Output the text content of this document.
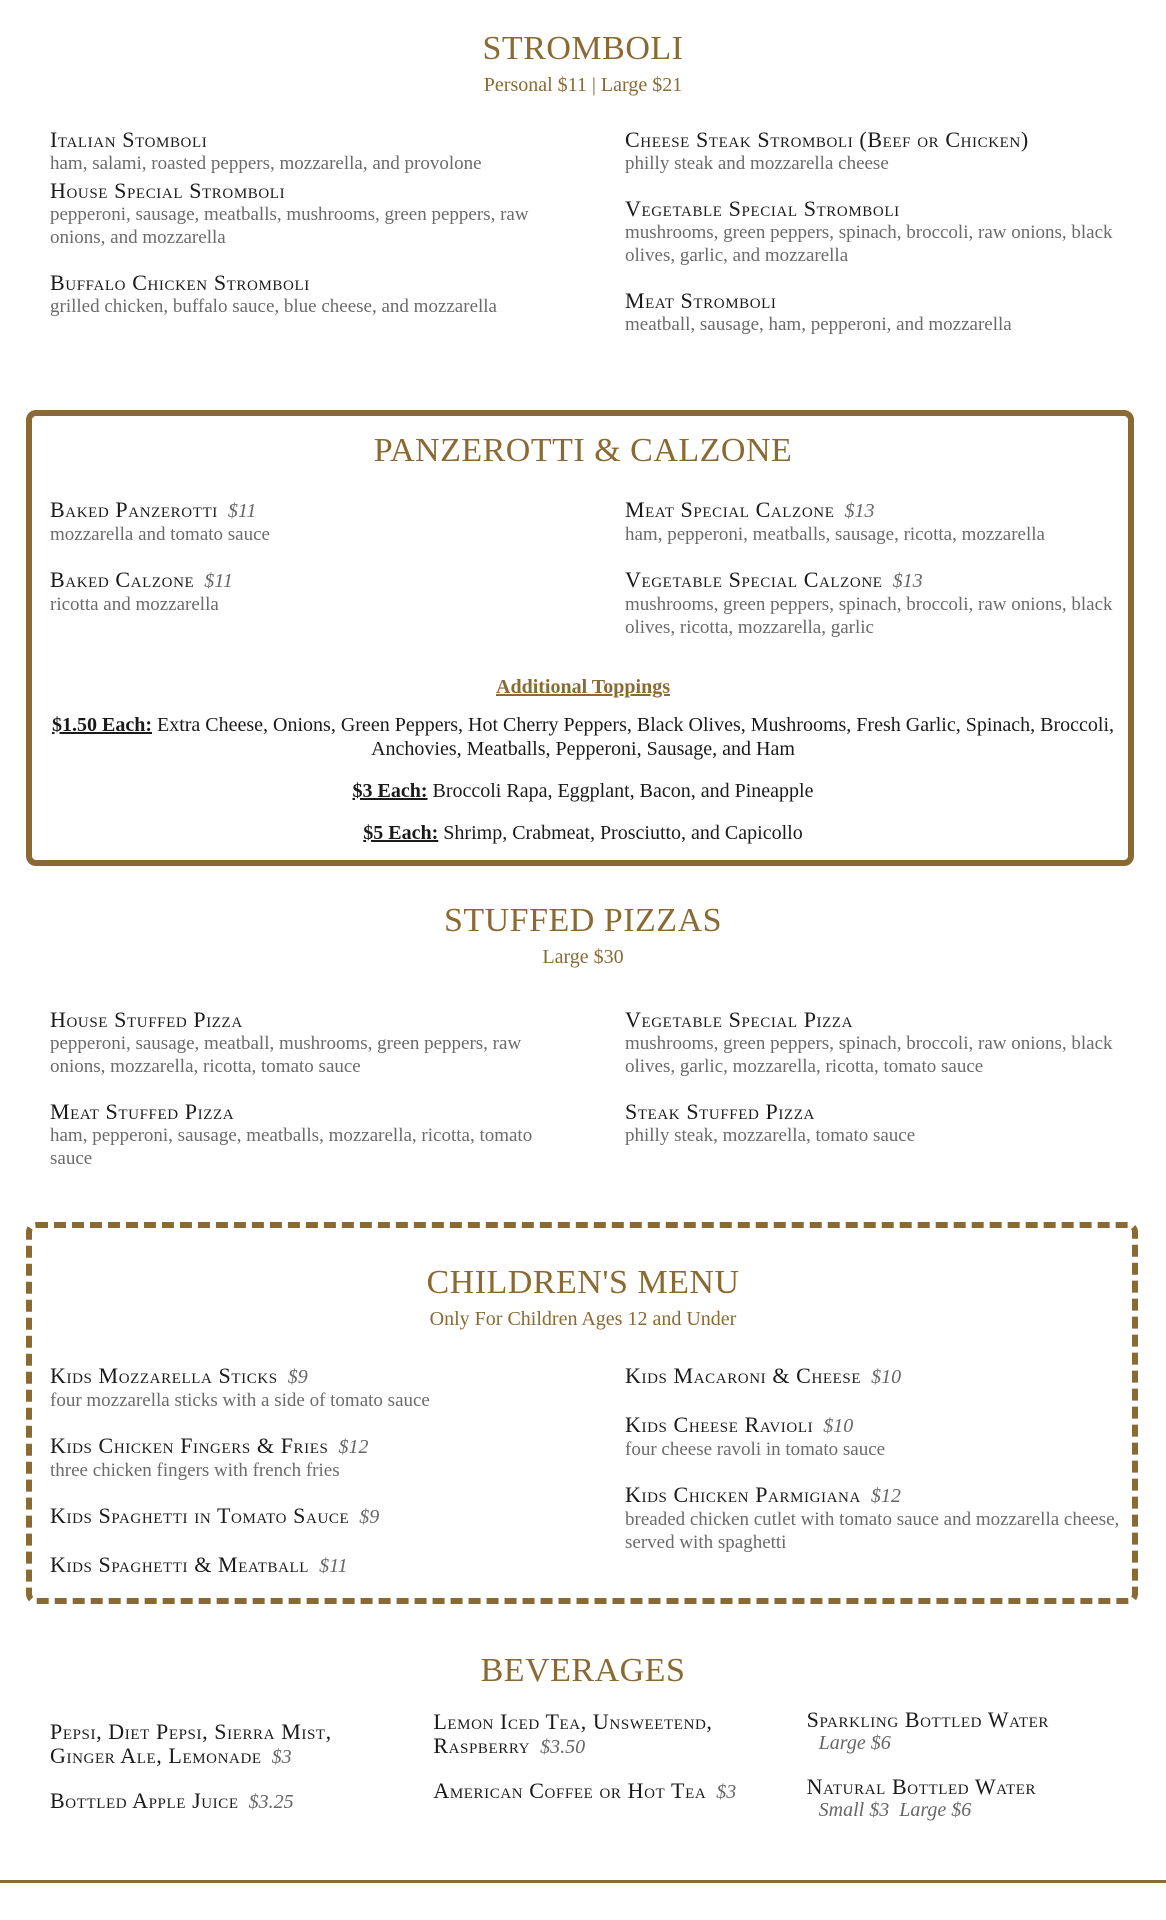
STROMBOLI
Personal $11 | Large $21
Italian Stomboli
ham, salami, roasted peppers, mozzarella, and provolone
House Special Stromboli
pepperoni, sausage, meatballs, mushrooms, green peppers, raw onions, and mozzarella
Buffalo Chicken Stromboli
grilled chicken, buffalo sauce, blue cheese, and mozzarella
Cheese Steak Stromboli (Beef or Chicken)
philly steak and mozzarella cheese
Vegetable Special Stromboli
mushrooms, green peppers, spinach, broccoli, raw onions, black olives, garlic, and mozzarella
Meat Stromboli
meatball, sausage, ham, pepperoni, and mozzarella
PANZEROTTI & CALZONE
Baked Panzerotti $11
mozzarella and tomato sauce
Baked Calzone $11
ricotta and mozzarella
Meat Special Calzone $13
ham, pepperoni, meatballs, sausage, ricotta, mozzarella
Vegetable Special Calzone $13
mushrooms, green peppers, spinach, broccoli, raw onions, black olives, ricotta, mozzarella, garlic
Additional Toppings
$1.50 Each: Extra Cheese, Onions, Green Peppers, Hot Cherry Peppers, Black Olives, Mushrooms, Fresh Garlic, Spinach, Broccoli, Anchovies, Meatballs, Pepperoni, Sausage, and Ham
$3 Each: Broccoli Rapa, Eggplant, Bacon, and Pineapple
$5 Each: Shrimp, Crabmeat, Prosciutto, and Capicollo
STUFFED PIZZAS
Large $30
House Stuffed Pizza
pepperoni, sausage, meatball, mushrooms, green peppers, raw onions, mozzarella, ricotta, tomato sauce
Meat Stuffed Pizza
ham, pepperoni, sausage, meatballs, mozzarella, ricotta, tomato sauce
Vegetable Special Pizza
mushrooms, green peppers, spinach, broccoli, raw onions, black olives, garlic, mozzarella, ricotta, tomato sauce
Steak Stuffed Pizza
philly steak, mozzarella, tomato sauce
CHILDREN'S MENU
Only For Children Ages 12 and Under
Kids Mozzarella Sticks $9
four mozzarella sticks with a side of tomato sauce
Kids Chicken Fingers & Fries $12
three chicken fingers with french fries
Kids Spaghetti in Tomato Sauce $9
Kids Spaghetti & Meatball $11
Kids Macaroni & Cheese $10
Kids Cheese Ravioli $10
four cheese ravoli in tomato sauce
Kids Chicken Parmigiana $12
breaded chicken cutlet with tomato sauce and mozzarella cheese, served with spaghetti
BEVERAGES
Pepsi, Diet Pepsi, Sierra Mist, Ginger Ale, Lemonade $3
Bottled Apple Juice $3.25
Lemon Iced Tea, Unsweetend, Raspberry $3.50
American Coffee or Hot Tea $3
Sparkling Bottled Water
Large $6
Natural Bottled Water
Small $3  Large $6
